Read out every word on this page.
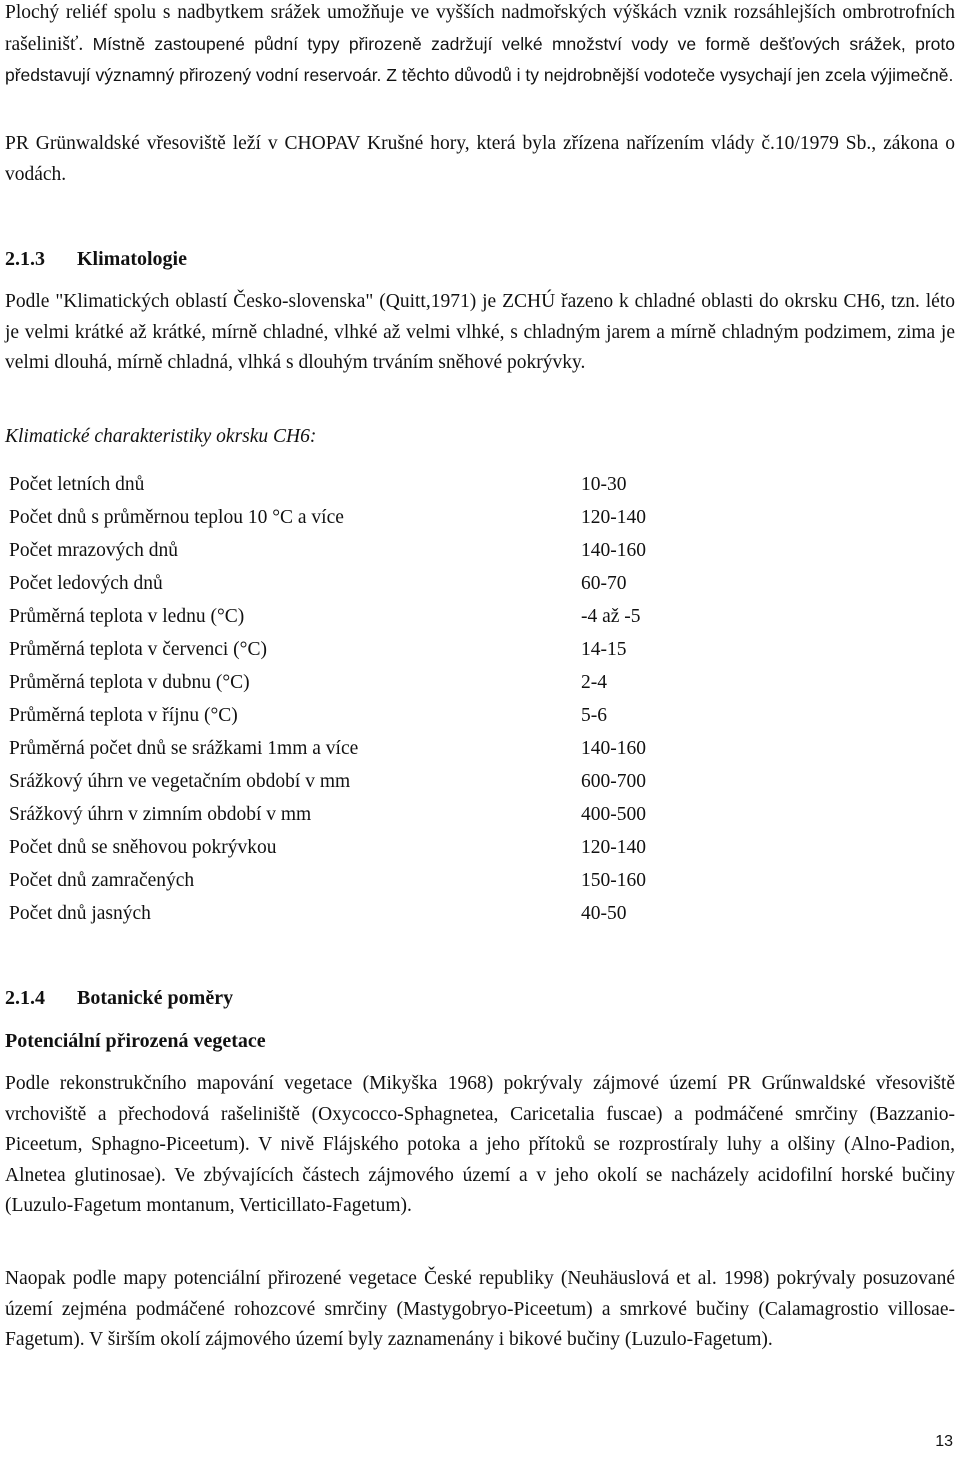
Plochý reliéf spolu s nadbytkem srážek umožňuje ve vyšších nadmořských výškách vznik rozsáhlejších ombrotrofních rašelinišť. Místně zastoupené půdní typy přirozeně zadržují velké množství vody ve formě dešťových srážek, proto představují významný přirozený vodní reservoár. Z těchto důvodů i ty nejdrobnější vodoteče vysychají jen zcela výjimečně.

PR Grünwaldské vřesoviště leží v CHOPAV Krušné hory, která byla zřízena nařízením vlády č.10/1979 Sb., zákona o vodách.

2.1.3 Klimatologie

Podle "Klimatických oblastí Česko-slovenska" (Quitt,1971) je ZCHÚ řazeno k chladné oblasti do okrsku CH6, tzn. léto je velmi krátké až krátké, mírně chladné, vlhké až velmi vlhké, s chladným jarem a mírně chladným podzimem, zima je velmi dlouhá, mírně chladná, vlhká s dlouhým trváním sněhové pokrývky.

Klimatické charakteristiky okrsku CH6:

Počet letních dnů	10-30
Počet dnů s průměrnou teplou 10 °C a více	120-140
Počet mrazových dnů	140-160
Počet ledových dnů	60-70
Průměrná teplota v lednu (°C)	-4 až -5
Průměrná teplota v červenci (°C)	14-15
Průměrná teplota v dubnu (°C)	2-4
Průměrná teplota v říjnu (°C)	5-6
Průměrná počet dnů se srážkami 1mm a více	140-160
Srážkový úhrn ve vegetačním období v mm	600-700
Srážkový úhrn v zimním období v mm	400-500
Počet dnů se sněhovou pokrývkou	120-140
Počet dnů zamračených	150-160
Počet dnů jasných	40-50

2.1.4 Botanické poměry

Potenciální přirozená vegetace

Podle rekonstrukčního mapování vegetace (Mikyška 1968) pokrývaly zájmové území PR Grűnwaldské vřesoviště vrchoviště a přechodová rašeliniště (Oxycocco-Sphagnetea, Caricetalia fuscae) a podmáčené smrčiny (Bazzanio-Piceetum, Sphagno-Piceetum). V nivě Flájského potoka a jeho přítoků se rozprostíraly luhy a olšiny (Alno-Padion, Alnetea glutinosae). Ve zbývajících částech zájmového území a v jeho okolí se nacházely acidofilní horské bučiny (Luzulo-Fagetum montanum, Verticillato-Fagetum).

Naopak podle mapy potenciální přirozené vegetace České republiky (Neuhäuslová et al. 1998) pokrývaly posuzované území zejména podmáčené rohozcové smrčiny (Mastygobryo-Piceetum) a smrkové bučiny (Calamagrostio villosae-Fagetum). V širším okolí zájmového území byly zaznamenány i bikové bučiny (Luzulo-Fagetum).

13
